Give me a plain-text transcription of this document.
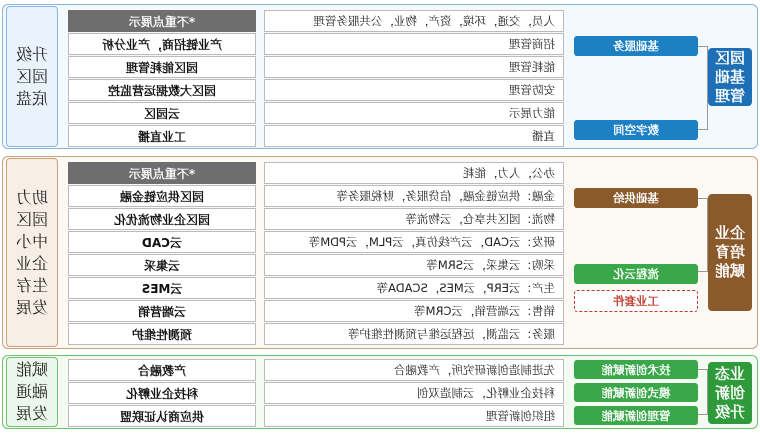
园区基础管理
基础服务
数字空间
人员，交通，环境，资产，物业，公共服务管理
*不重点展示
招商管理
产业链招商，产业分析
能耗管理
园区能耗管理
安防管理
园区大数据运营监控
能力展示
云园区
直播
工业直播
升级园区底盘
企业培育赋能
基础供给
流程云化
工业套件
办公，人力，能耗
*不重点展示
金融：供应链金融，信贷服务，财税服务等
园区供应链金融
物流：园区共享仓，云物流等
园区企业物流优化
研发：云CAD，云产线仿真，云PLM，云PDM等
云CAD
采购：云集采，云SRM等
云集采
生产：云ERP，云MES，SCADA等
云MES
销售：云端营销，云CRM等
云端营销
服务：云监测，远程运维与预测性维护等
预测性维护
助力园区中小企业生存发展
业态创新升级
技术创新赋能
模式创新赋能
管理创新赋能
先进制造创新研究所，产教融合
产教融合
科技企业孵化，云制造双创
科技企业孵化
组织创新管理
供应商认证联盟
赋能融通发展
